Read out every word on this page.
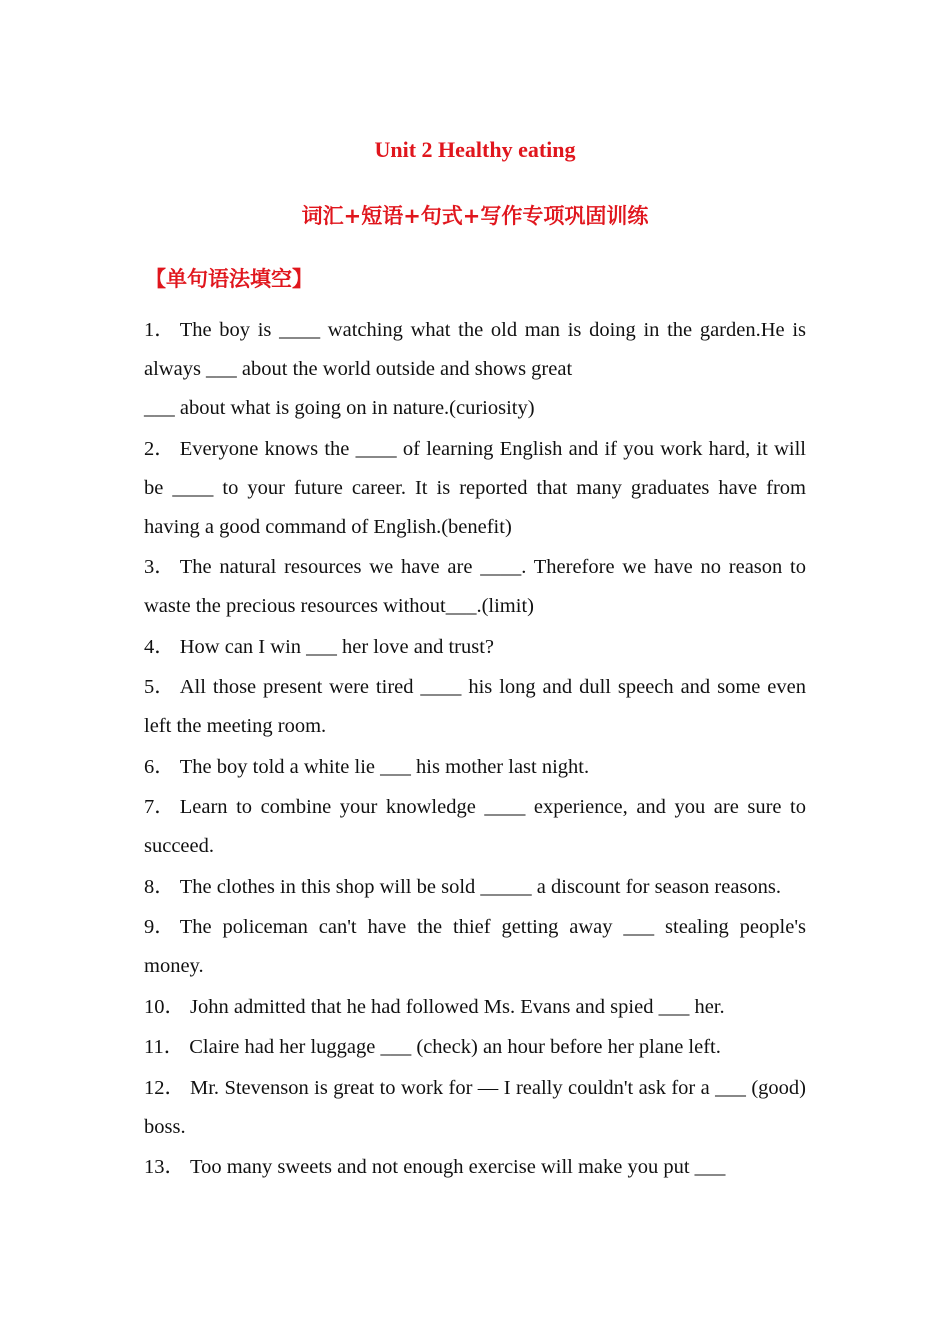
Unit 2 Healthy eating
词汇+短语+句式+写作专项巩固训练
【单句语法填空】

1． The boy is ____ watching what the old man is doing in the garden.He is always ___ about the world outside and shows great
___ about what is going on in nature.(curiosity)

2． Everyone knows the ____ of learning English and if you work hard, it will be ____ to your future career. It is reported that many graduates have from having a good command of English.(benefit)

3． The natural resources we have are ____. Therefore we have no reason to waste the precious resources without___.(limit)

4． How can I win ___ her love and trust?

5． All those present were tired ____ his long and dull speech and some even left the meeting room.

6． The boy told a white lie ___ his mother last night.

7． Learn to combine your knowledge ____ experience, and you are sure to succeed.

8． The clothes in this shop will be sold _____ a discount for season reasons.

9． The policeman can't have the thief getting away ___ stealing people's money.

10． John admitted that he had followed Ms. Evans and spied ___ her.

11． Claire had her luggage ___ (check) an hour before her plane left.

12． Mr. Stevenson is great to work for — I really couldn't ask for a ___ (good) boss.

13． Too many sweets and not enough exercise will make you put ___
